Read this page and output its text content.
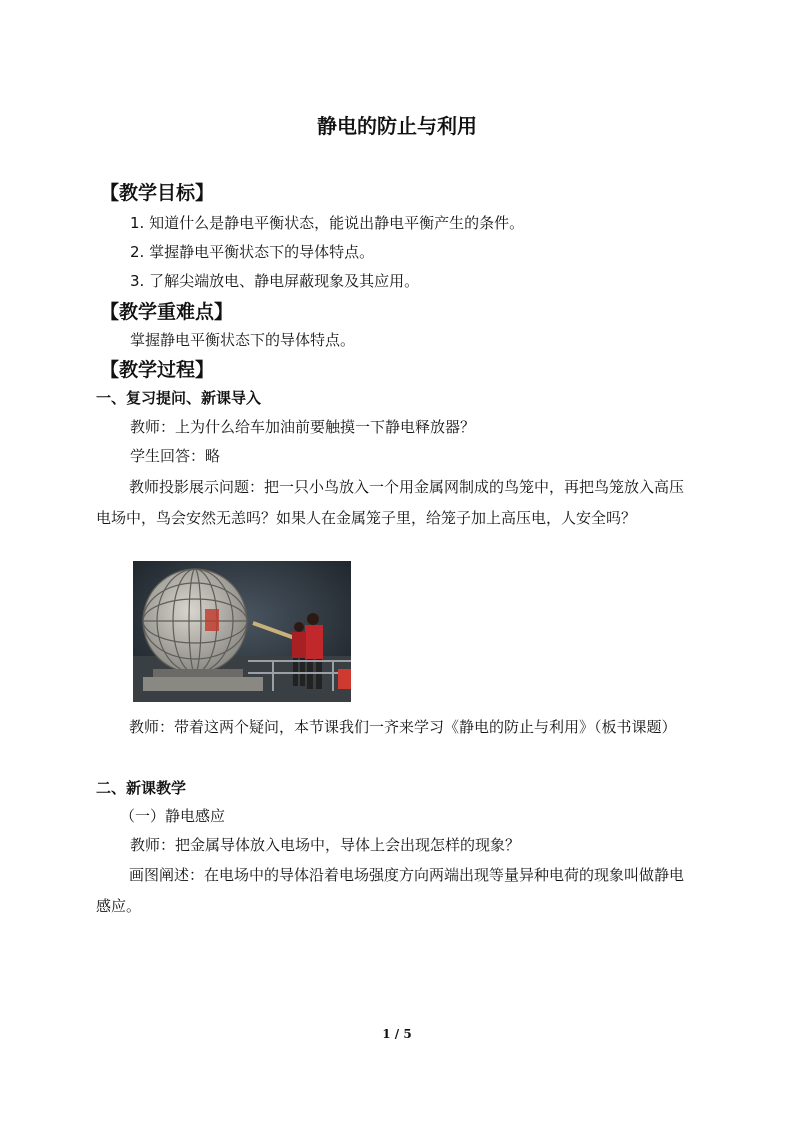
静电的防止与利用
【教学目标】
1. 知道什么是静电平衡状态，能说出静电平衡产生的条件。
2. 掌握静电平衡状态下的导体特点。
3. 了解尖端放电、静电屏蔽现象及其应用。
【教学重难点】
掌握静电平衡状态下的导体特点。
【教学过程】
一、复习提问、新课导入
教师：上为什么给车加油前要触摸一下静电释放器？
学生回答：略
教师投影展示问题：把一只小鸟放入一个用金属网制成的鸟笼中，再把鸟笼放入高压电场中，鸟会安然无恙吗？如果人在金属笼子里，给笼子加上高压电，人安全吗？
教师：带着这两个疑问，本节课我们一齐来学习《静电的防止与利用》（板书课题）
二、新课教学
（一）静电感应
教师：把金属导体放入电场中，导体上会出现怎样的现象？
画图阐述：在电场中的导体沿着电场强度方向两端出现等量异种电荷的现象叫做静电感应。
1 / 5
